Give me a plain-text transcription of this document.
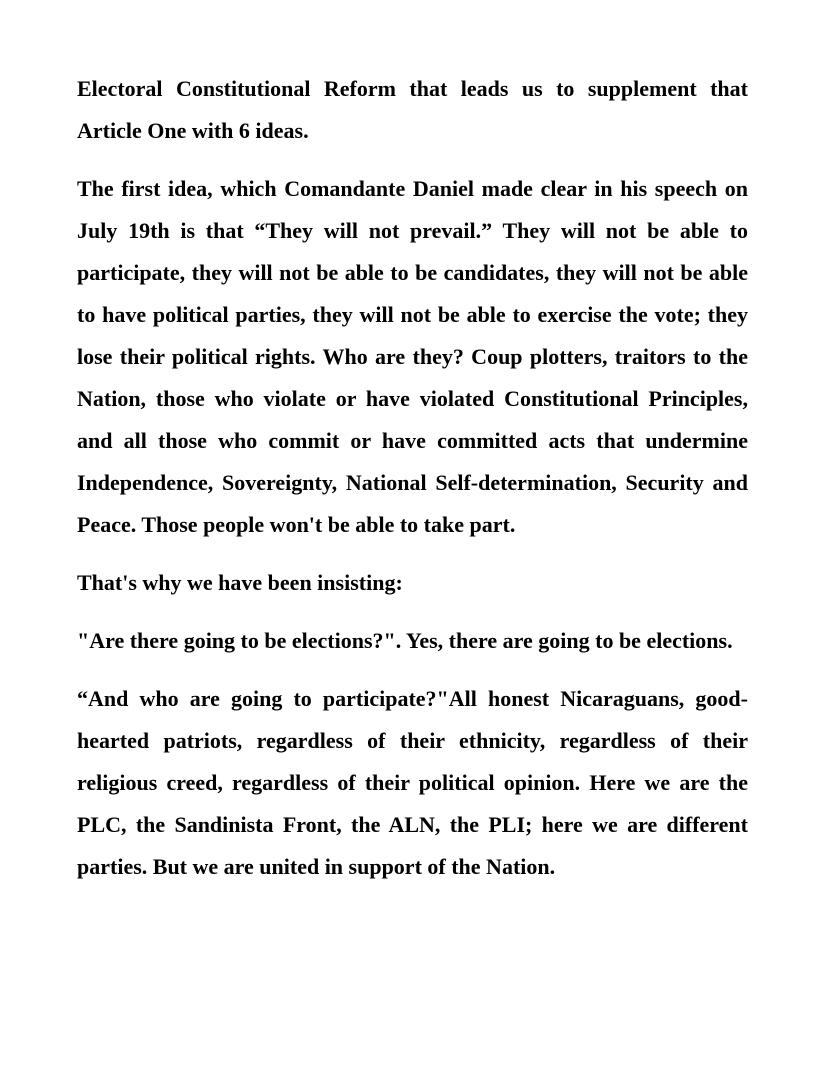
Electoral Constitutional Reform that leads us to supplement that Article One with 6 ideas.

The first idea, which Comandante Daniel made clear in his speech on July 19th is that “They will not prevail.” They will not be able to participate, they will not be able to be candidates, they will not be able to have political parties, they will not be able to exercise the vote; they lose their political rights. Who are they? Coup plotters, traitors to the Nation, those who violate or have violated Constitutional Principles, and all those who commit or have committed acts that undermine Independence, Sovereignty, National Self-determination, Security and Peace. Those people won't be able to take part.

That's why we have been insisting:

"Are there going to be elections?". Yes, there are going to be elections.

“And who are going to participate?"All honest Nicaraguans, good-hearted patriots, regardless of their ethnicity, regardless of their religious creed, regardless of their political opinion. Here we are the PLC, the Sandinista Front, the ALN, the PLI; here we are different parties. But we are united in support of the Nation.
